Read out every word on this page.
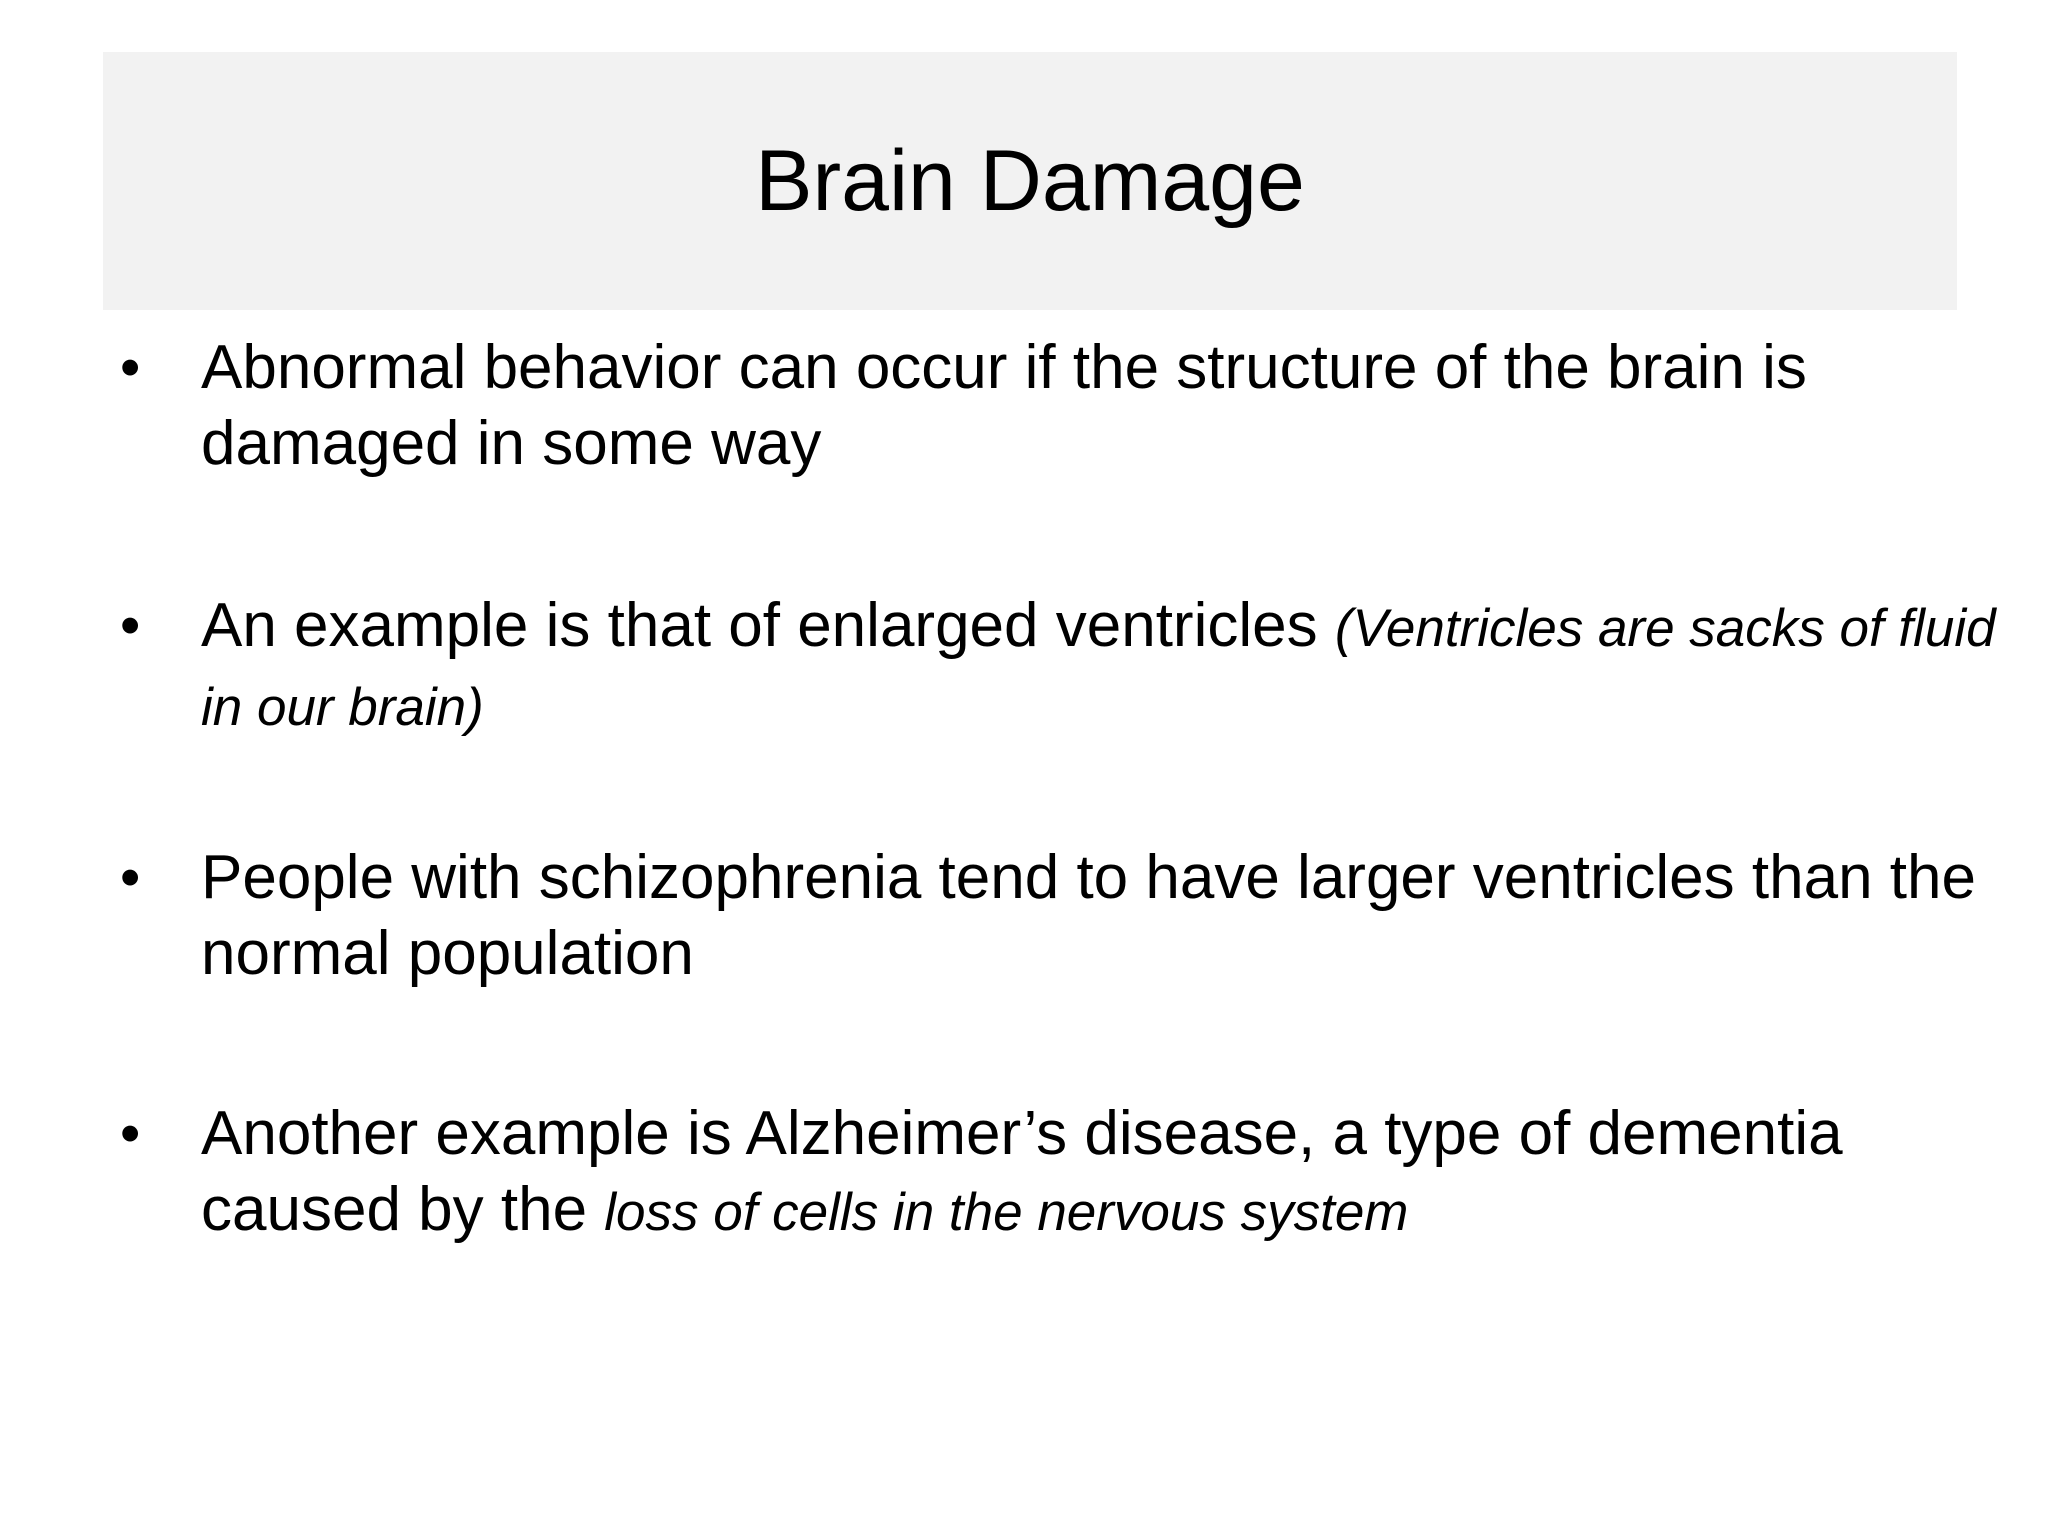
Brain Damage
• Abnormal behavior can occur if the structure of the brain is damaged in some way
• An example is that of enlarged ventricles (Ventricles are sacks of fluid in our brain)
• People with schizophrenia tend to have larger ventricles than the normal population
• Another example is Alzheimer’s disease, a type of dementia caused by the loss of cells in the nervous system
